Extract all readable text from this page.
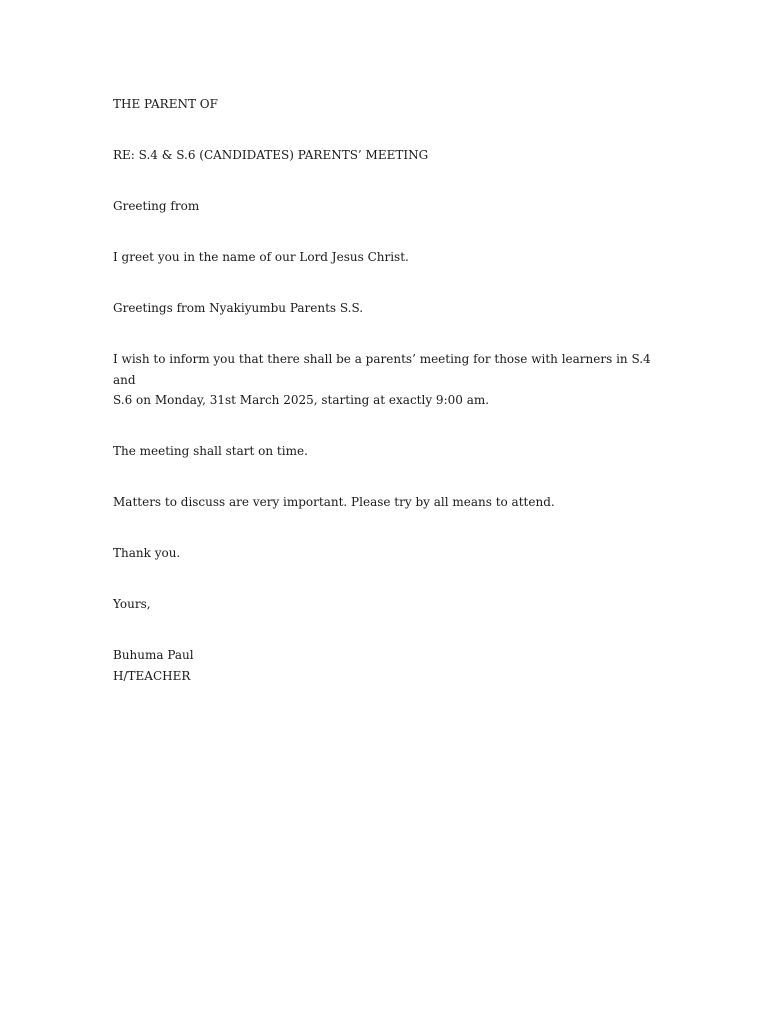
THE PARENT OF

RE: S.4 & S.6 (CANDIDATES) PARENTS’ MEETING

Greeting from

I greet you in the name of our Lord Jesus Christ.

Greetings from Nyakiyumbu Parents S.S.

I wish to inform you that there shall be a parents’ meeting for those with learners in S.4 and
S.6 on Monday, 31st March 2025, starting at exactly 9:00 am.

The meeting shall start on time.

Matters to discuss are very important. Please try by all means to attend.

Thank you.

Yours,

Buhuma Paul

H/TEACHER
